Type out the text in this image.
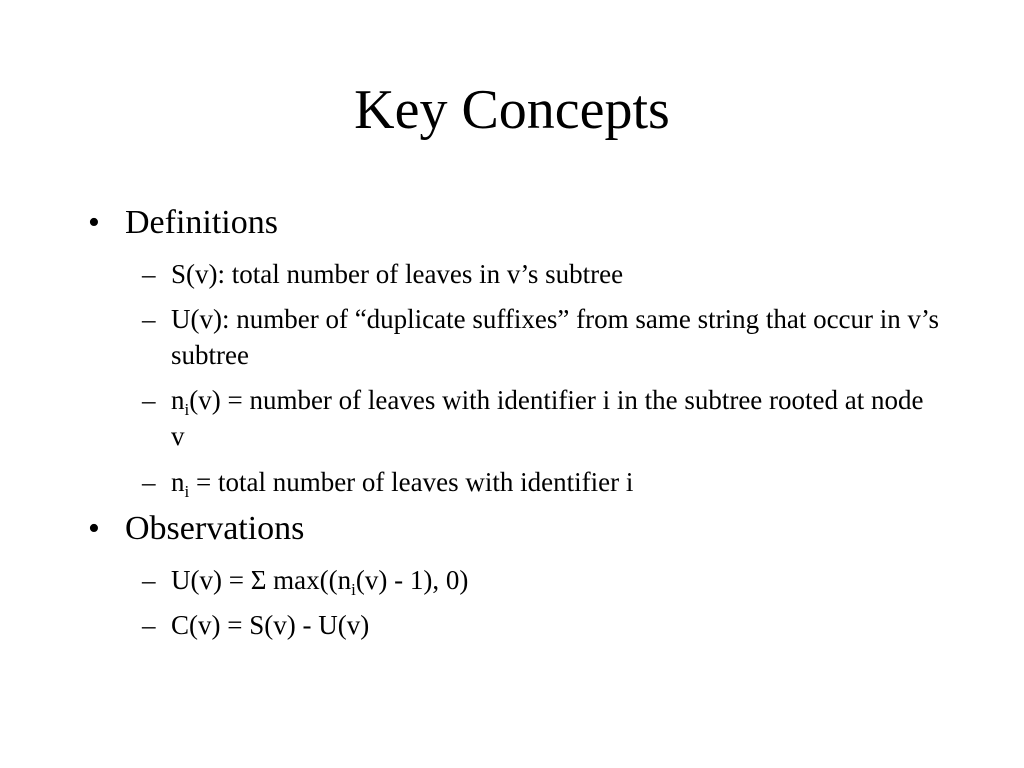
Key Concepts
• Definitions
– S(v): total number of leaves in v’s subtree
– U(v): number of “duplicate suffixes” from same string that occur in v’s subtree
– $n_i(v)$ = number of leaves with identifier i in the subtree rooted at node v
– $n_i$ = total number of leaves with identifier i
• Observations
– U(v) = Σ $\max((n_i(v) - 1)$, 0)
– C(v) = S(v) - U(v)
